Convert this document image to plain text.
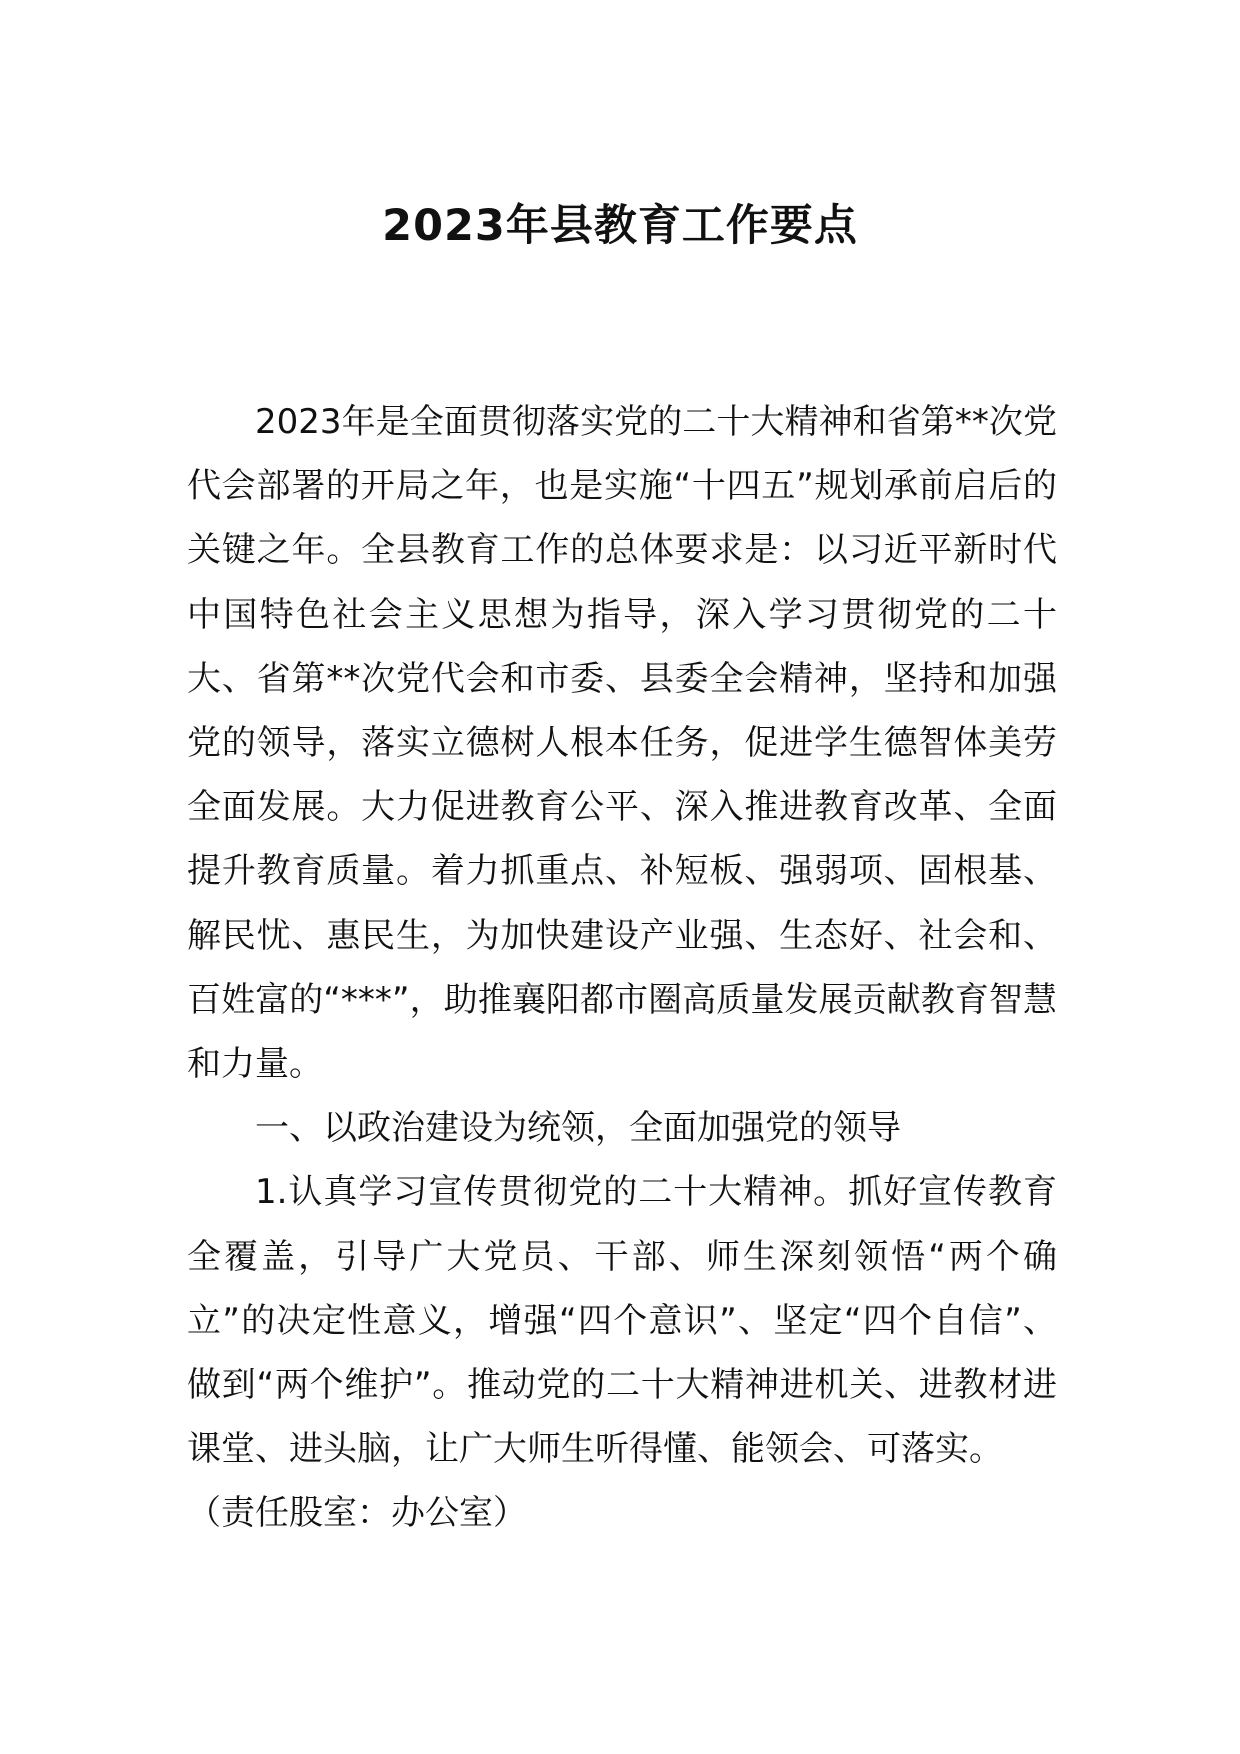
2023年县教育工作要点

2023年是全面贯彻落实党的二十大精神和省第**次党代会部署的开局之年，也是实施“十四五”规划承前启后的关键之年。全县教育工作的总体要求是：以习近平新时代中国特色社会主义思想为指导，深入学习贯彻党的二十大、省第**次党代会和市委、县委全会精神，坚持和加强党的领导，落实立德树人根本任务，促进学生德智体美劳全面发展。大力促进教育公平、深入推进教育改革、全面提升教育质量。着力抓重点、补短板、强弱项、固根基、解民忧、惠民生，为加快建设产业强、生态好、社会和、百姓富的“***”，助推襄阳都市圈高质量发展贡献教育智慧和力量。

一、以政治建设为统领，全面加强党的领导

1.认真学习宣传贯彻党的二十大精神。抓好宣传教育全覆盖，引导广大党员、干部、师生深刻领悟“两个确立”的决定性意义，增强“四个意识”、坚定“四个自信”、做到“两个维护”。推动党的二十大精神进机关、进教材进课堂、进头脑，让广大师生听得懂、能领会、可落实。

（责任股室：办公室）
